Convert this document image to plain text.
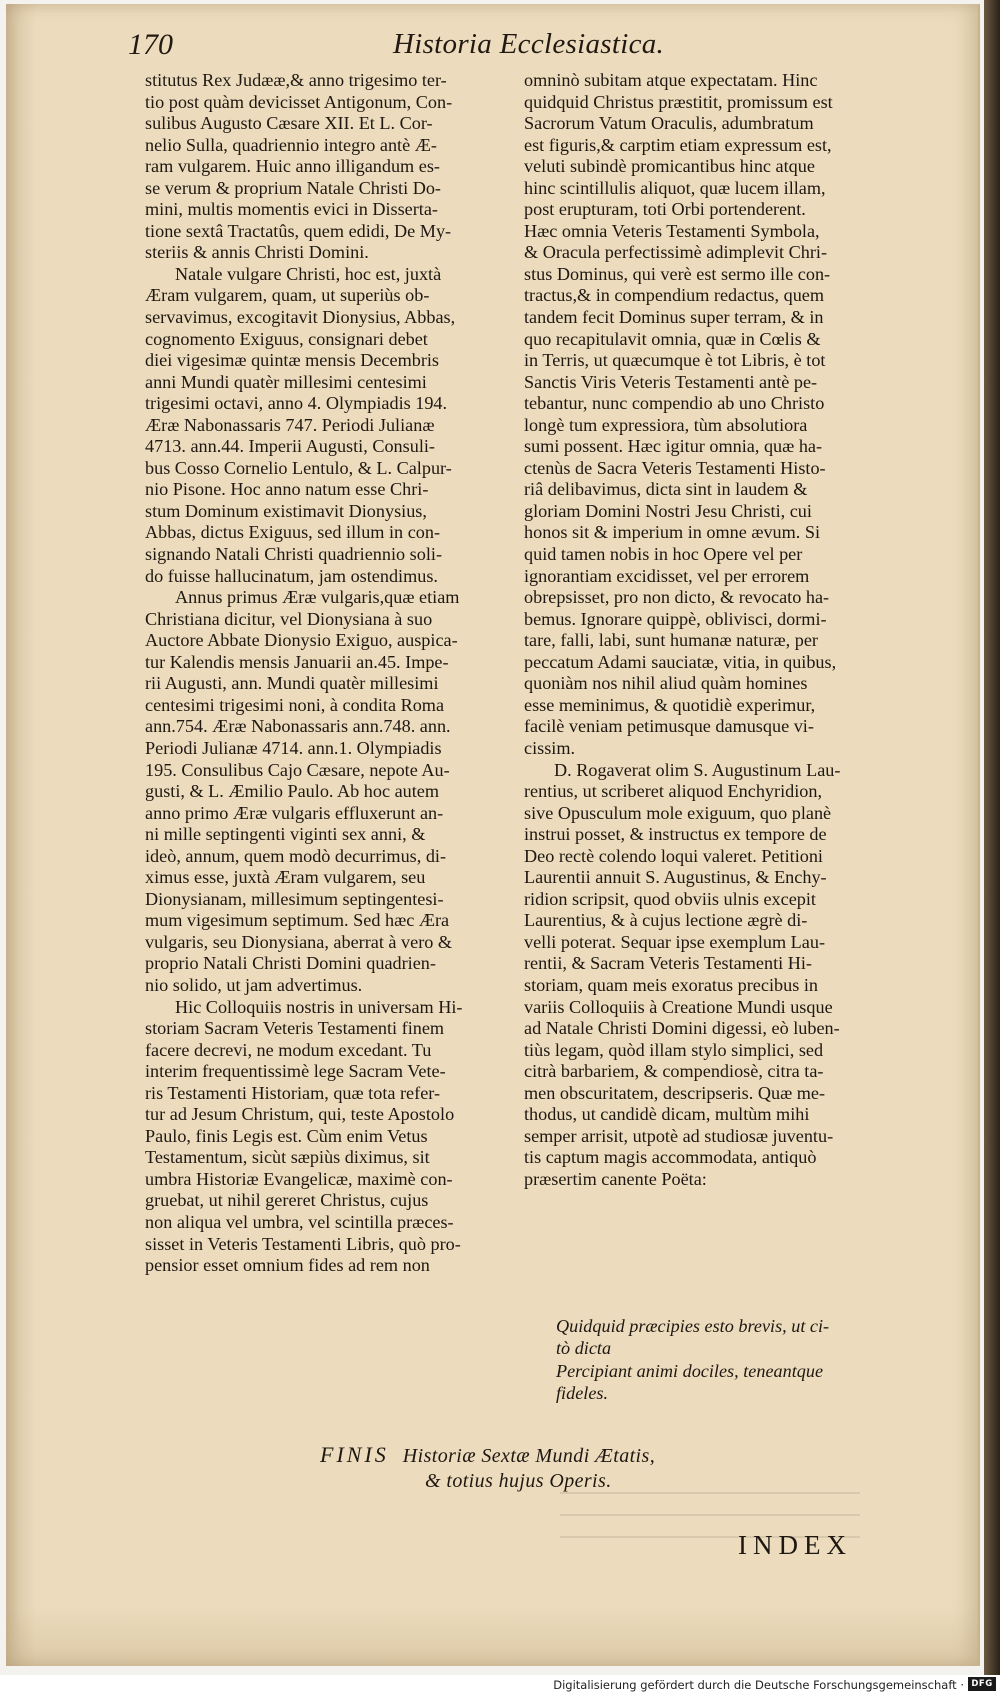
170	Historia Ecclesiastica.

stitutus Rex Judææ,& anno trigesimo ter-
tio post quàm devicisset Antigonum, Con-
sulibus Augusto Cæsare XII. Et L. Cor-
nelio Sulla, quadriennio integro antè Æ-
ram vulgarem. Huic anno illigandum es-
se verum & proprium Natale Christi Do-
mini, multis momentis evici in Disserta-
tione sextâ Tractatûs, quem edidi, De My-
steriis & annis Christi Domini.

Natale vulgare Christi, hoc est, juxtà
Æram vulgarem, quam, ut superiùs ob-
servavimus, excogitavit Dionysius, Abbas,
cognomento Exiguus, consignari debet
diei vigesimæ quintæ mensis Decembris
anni Mundi quatèr millesimi centesimi
trigesimi octavi, anno 4. Olympiadis 194.
Æræ Nabonassaris 747. Periodi Julianæ
4713. ann.44. Imperii Augusti, Consuli-
bus Cosso Cornelio Lentulo, & L. Calpur-
nio Pisone. Hoc anno natum esse Chri-
stum Dominum existimavit Dionysius,
Abbas, dictus Exiguus, sed illum in con-
signando Natali Christi quadriennio soli-
do fuisse hallucinatum, jam ostendimus.

Annus primus Æræ vulgaris,quæ etiam
Christiana dicitur, vel Dionysiana à suo
Auctore Abbate Dionysio Exiguo, auspica-
tur Kalendis mensis Januarii an.45. Impe-
rii Augusti, ann. Mundi quatèr millesimi
centesimi trigesimi noni, à condita Roma
ann.754. Æræ Nabonassaris ann.748. ann.
Periodi Julianæ 4714. ann.1. Olympiadis
195. Consulibus Cajo Cæsare, nepote Au-
gusti, & L. Æmilio Paulo. Ab hoc autem
anno primo Æræ vulgaris effluxerunt an-
ni mille septingenti viginti sex anni, &
ideò, annum, quem modò decurrimus, di-
ximus esse, juxtà Æram vulgarem, seu
Dionysianam, millesimum septingentesi-
mum vigesimum septimum. Sed hæc Æra
vulgaris, seu Dionysiana, aberrat à vero &
proprio Natali Christi Domini quadrien-
nio solido, ut jam advertimus.

Hic Colloquiis nostris in universam Hi-
storiam Sacram Veteris Testamenti finem
facere decrevi, ne modum excedant. Tu
interim frequentissimè lege Sacram Vete-
ris Testamenti Historiam, quæ tota refer-
tur ad Jesum Christum, qui, teste Apostolo
Paulo, finis Legis est. Cùm enim Vetus
Testamentum, sicùt sæpiùs diximus, sit
umbra Historiæ Evangelicæ, maximè con-
gruebat, ut nihil gereret Christus, cujus
non aliqua vel umbra, vel scintilla præces-
sisset in Veteris Testamenti Libris, quò pro-
pensior esset omnium fides ad rem non

omninò subitam atque expectatam. Hinc
quidquid Christus præstitit, promissum est
Sacrorum Vatum Oraculis, adumbratum
est figuris,& carptim etiam expressum est,
veluti subindè promicantibus hinc atque
hinc scintillulis aliquot, quæ lucem illam,
post erupturam, toti Orbi portenderent.
Hæc omnia Veteris Testamenti Symbola,
& Oracula perfectissimè adimplevit Chri-
stus Dominus, qui verè est sermo ille con-
tractus,& in compendium redactus, quem
tandem fecit Dominus super terram, & in
quo recapitulavit omnia, quæ in Cœlis &
in Terris, ut quæcumque è tot Libris, è tot
Sanctis Viris Veteris Testamenti antè pe-
tebantur, nunc compendio ab uno Christo
longè tum expressiora, tùm absolutiora
sumi possent. Hæc igitur omnia, quæ ha-
ctenùs de Sacra Veteris Testamenti Histo-
riâ delibavimus, dicta sint in laudem &
gloriam Domini Nostri Jesu Christi, cui
honos sit & imperium in omne ævum. Si
quid tamen nobis in hoc Opere vel per
ignorantiam excidisset, vel per errorem
obrepsisset, pro non dicto, & revocato ha-
bemus. Ignorare quippè, oblivisci, dormi-
tare, falli, labi, sunt humanæ naturæ, per
peccatum Adami sauciatæ, vitia, in quibus,
quoniàm nos nihil aliud quàm homines
esse meminimus, & quotidiè experimur,
facilè veniam petimusque damusque vi-
cissim.

D. Rogaverat olim S. Augustinum Lau-
rentius, ut scriberet aliquod Enchyridion,
sive Opusculum mole exiguum, quo planè
instrui posset, & instructus ex tempore de
Deo rectè colendo loqui valeret. Petitioni
Laurentii annuit S. Augustinus, & Enchy-
ridion scripsit, quod obviis ulnis excepit
Laurentius, & à cujus lectione ægrè di-
velli poterat. Sequar ipse exemplum Lau-
rentii, & Sacram Veteris Testamenti Hi-
storiam, quam meis exoratus precibus in
variis Colloquiis à Creatione Mundi usque
ad Natale Christi Domini digessi, eò luben-
tiùs legam, quòd illam stylo simplici, sed
citrà barbariem, & compendiosè, citra ta-
men obscuritatem, descripseris. Quæ me-
thodus, ut candidè dicam, multùm mihi
semper arrisit, utpotè ad studiosæ juventu-
tis captum magis accommodata, antiquò
præsertim canente Poëta:

Quidquid præcipies esto brevis, ut ci-
tò dicta
Percipiant animi dociles, teneantque
fideles.
FINIS Historiæ Sextæ Mundi Ætatis,
& totius hujus Operis.
INDEX
Digitalisierung gefördert durch die Deutsche Forschungsgemeinschaft · DFG
